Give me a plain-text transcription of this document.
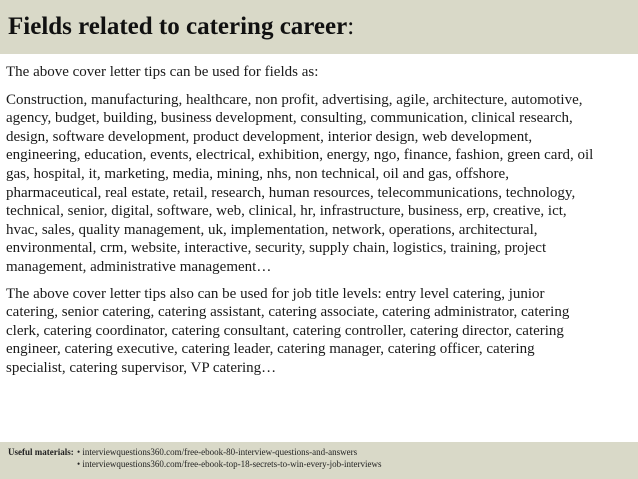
Fields related to catering career:

The above cover letter tips can be used for fields as:

Construction, manufacturing, healthcare, non profit, advertising, agile, architecture, automotive,
agency, budget, building, business development, consulting, communication, clinical research,
design, software development, product development, interior design, web development,
engineering, education, events, electrical, exhibition, energy, ngo, finance, fashion, green card, oil
gas, hospital, it, marketing, media, mining, nhs, non technical, oil and gas, offshore,
pharmaceutical, real estate, retail, research, human resources, telecommunications, technology,
technical, senior, digital, software, web, clinical, hr, infrastructure, business, erp, creative, ict,
hvac, sales, quality management, uk, implementation, network, operations, architectural,
environmental, crm, website, interactive, security, supply chain, logistics, training, project
management, administrative management…

The above cover letter tips also can be used for job title levels: entry level catering, junior
catering, senior catering, catering assistant, catering associate, catering administrator, catering
clerk, catering coordinator, catering consultant, catering controller, catering director, catering
engineer, catering executive, catering leader, catering manager, catering officer, catering
specialist, catering supervisor, VP catering…

Useful materials: • interviewquestions360.com/free-ebook-80-interview-questions-and-answers
• interviewquestions360.com/free-ebook-top-18-secrets-to-win-every-job-interviews
